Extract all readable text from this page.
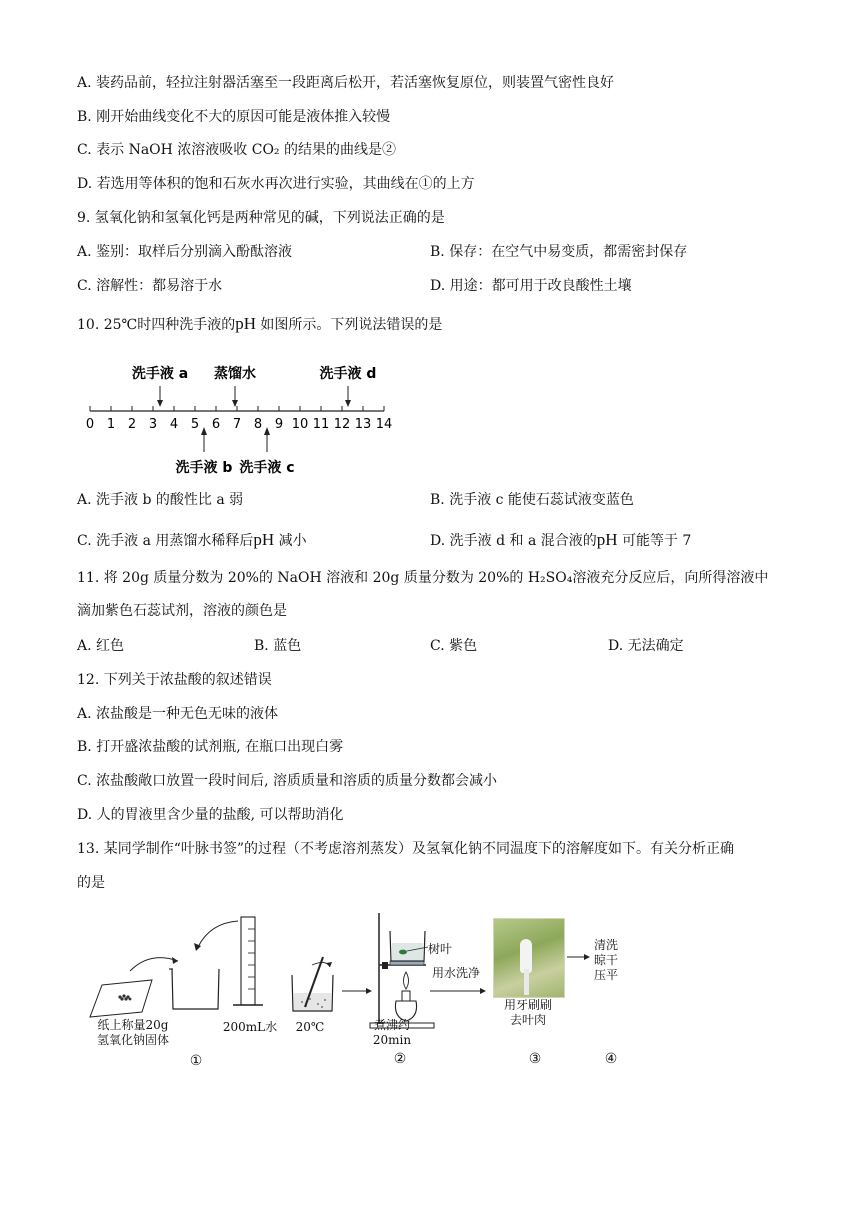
A. 装药品前，轻拉注射器活塞至一段距离后松开，若活塞恢复原位，则装置气密性良好
B. 刚开始曲线变化不大的原因可能是液体推入较慢
C. 表示 NaOH 浓溶液吸收 CO₂ 的结果的曲线是②
D. 若选用等体积的饱和石灰水再次进行实验，其曲线在①的上方
9. 氢氧化钠和氢氧化钙是两种常见的碱，下列说法正确的是
A. 鉴别：取样后分别滴入酚酞溶液	B. 保存：在空气中易变质，都需密封保存
C. 溶解性：都易溶于水	D. 用途：都可用于改良酸性土壤
10. 25℃时四种洗手液的pH 如图所示。下列说法错误的是
洗手液 a 蒸馏水	洗手液 d
0 1 2 3 4 5 6 7 8 9 10 11 12 13 14
洗手液 b 洗手液 c
A. 洗手液 b 的酸性比 a 弱	B. 洗手液 c 能使石蕊试液变蓝色
C. 洗手液 a 用蒸馏水稀释后pH 减小	D. 洗手液 d 和 a 混合液的pH 可能等于 7
11. 将 20g 质量分数为 20%的 NaOH 溶液和 20g 质量分数为 20%的 H₂SO₄溶液充分反应后，向所得溶液中
滴加紫色石蕊试剂，溶液的颜色是
A. 红色	B. 蓝色	C. 紫色	D. 无法确定
12. 下列关于浓盐酸的叙述错误
A. 浓盐酸是一种无色无味的液体
B. 打开盛浓盐酸的试剂瓶, 在瓶口出现白雾
C. 浓盐酸敞口放置一段时间后, 溶质质量和溶质的质量分数都会减小
D. 人的胃液里含少量的盐酸, 可以帮助消化
13. 某同学制作“叶脉书签”的过程（不考虑溶剂蒸发）及氢氧化钠不同温度下的溶解度如下。有关分析正确
的是
纸上称量20g
氢氧化钠固体
200mL水	20℃	煮沸约
20min
树叶
用水洗净
用牙刷刷
去叶肉
清洗
晾干
压平
①	②	③	④
